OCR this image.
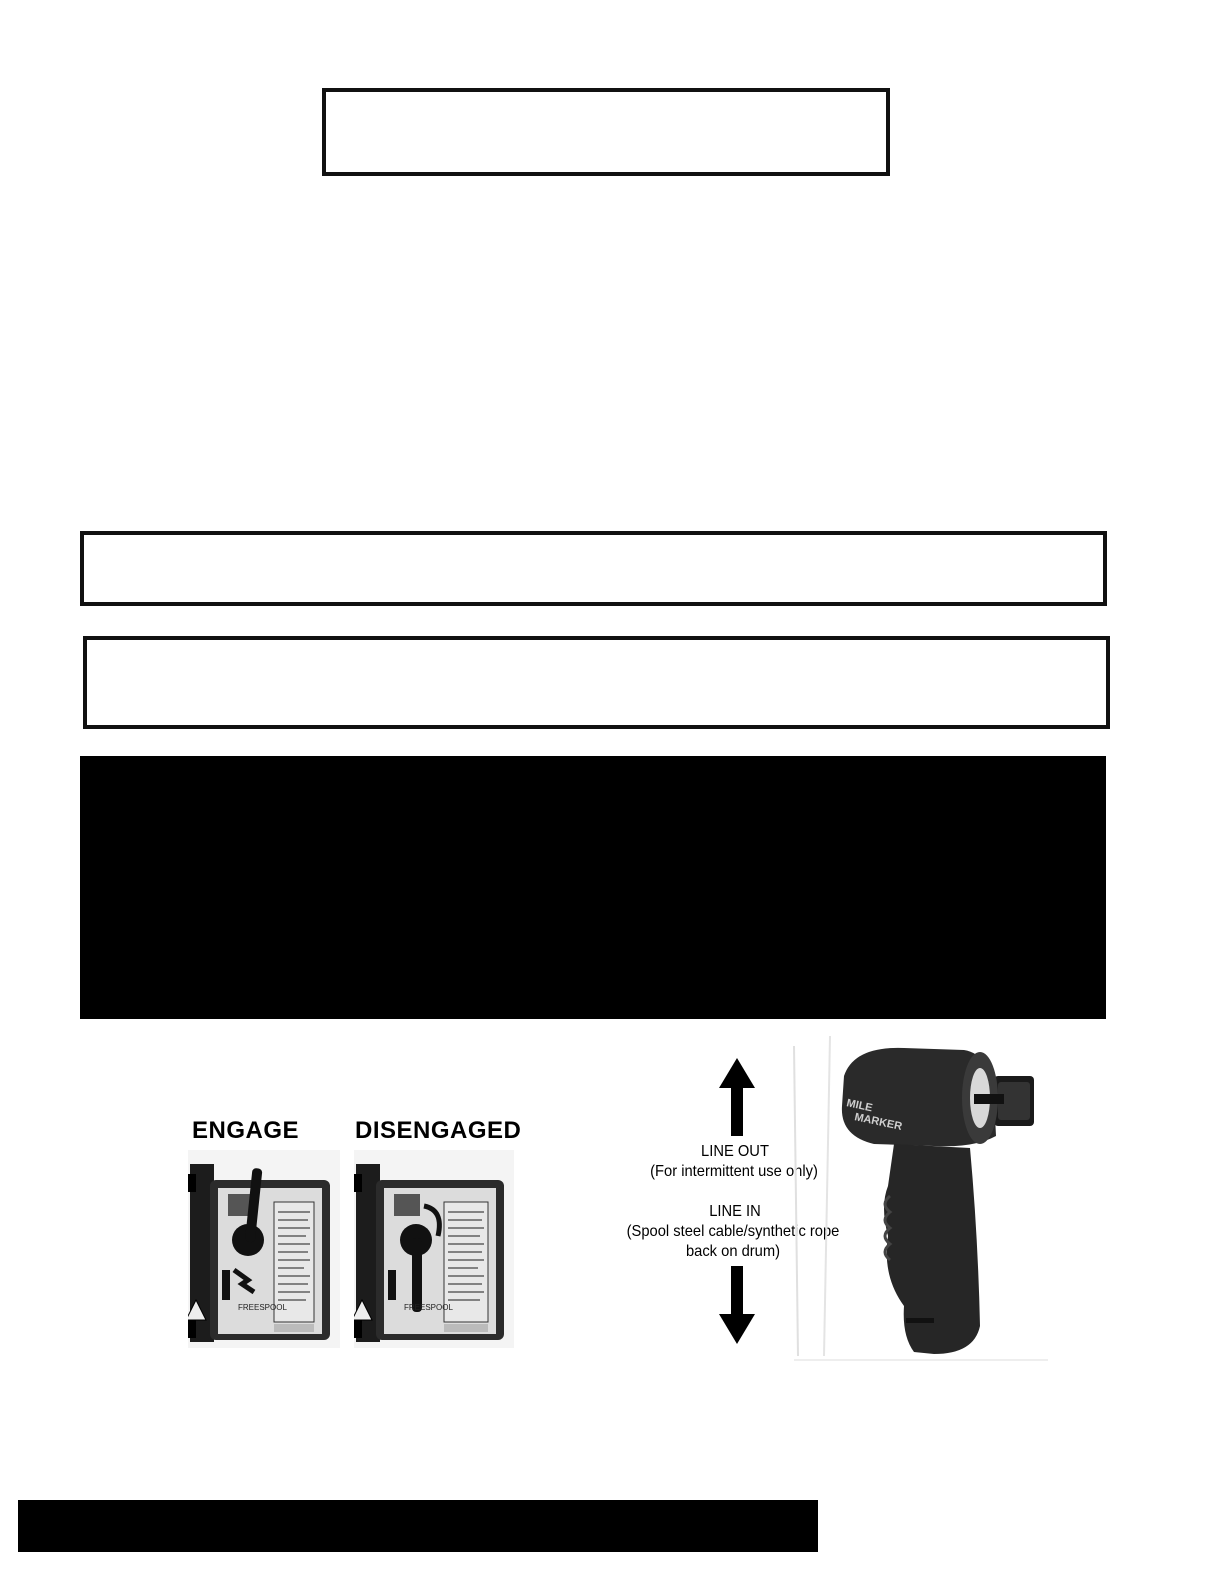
ENGAGE DISENGAGED
FREESPOOL	FREESPOOL
LINE OUT
(For intermittent use only)
LINE IN
(Spool steel cable/synthetic rope
back on drum)
MILE
MARKER
